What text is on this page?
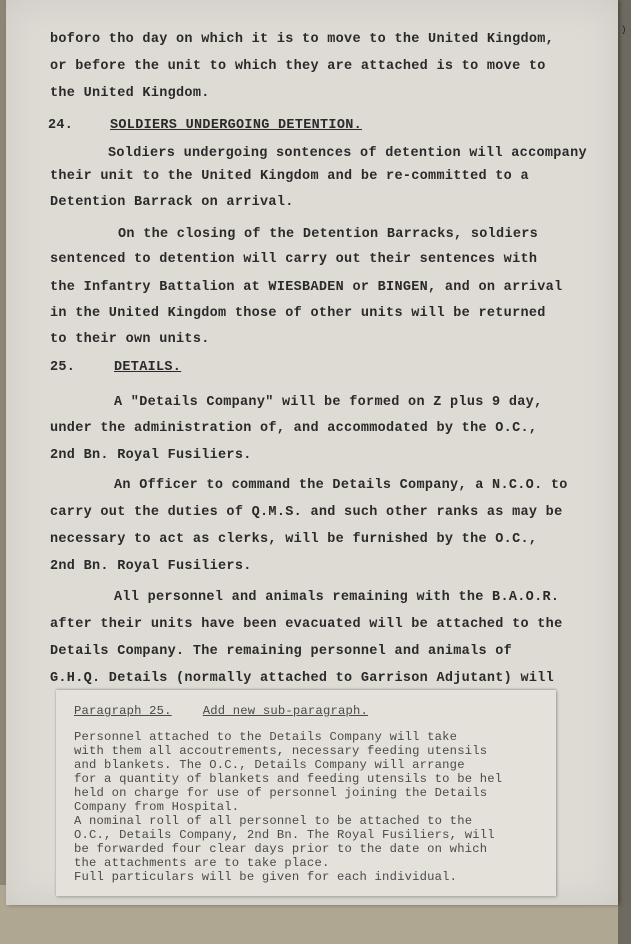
)
boforo tho day on which it is to move to the United Kingdom,
or before the unit to which they are attached is to move to
the United Kingdom.
24.	SOLDIERS UNDERGOING DETENTION.
Soldiers undergoing sontences of detention will accompany
their unit to the United Kingdom and be re-committed to a
Detention Barrack on arrival.
On the closing of the Detention Barracks, soldiers
sentenced to detention will carry out their sentences with
the Infantry Battalion at WIESBADEN or BINGEN, and on arrival
in the United Kingdom those of other units will be returned
to their own units.
25.	DETAILS.
A "Details Company" will be formed on Z plus 9 day,
under the administration of, and accommodated by the O.C.,
2nd Bn. Royal Fusiliers.
An Officer to command the Details Company, a N.C.O. to
carry out the duties of Q.M.S. and such other ranks as may be
necessary to act as clerks, will be furnished by the O.C.,
2nd Bn. Royal Fusiliers.
All personnel and animals remaining with the B.A.O.R.
after their units have been evacuated will be attached to the
Details Company. The remaining personnel and animals of
G.H.Q. Details (normally attached to Garrison Adjutant) will
Paragraph 25.	Add new sub-paragraph.
Personnel attached to the Details Company will take
with them all accoutrements, necessary feeding utensils
and blankets. The O.C., Details Company will arrange
for a quantity of blankets and feeding utensils to be hel
held on charge for use of personnel joining the Details
Company from Hospital.
A nominal roll of all personnel to be attached to the
O.C., Details Company, 2nd Bn. The Royal Fusiliers, will
be forwarded four clear days prior to the date on which
the attachments are to take place.
Full particulars will be given for each individual.
